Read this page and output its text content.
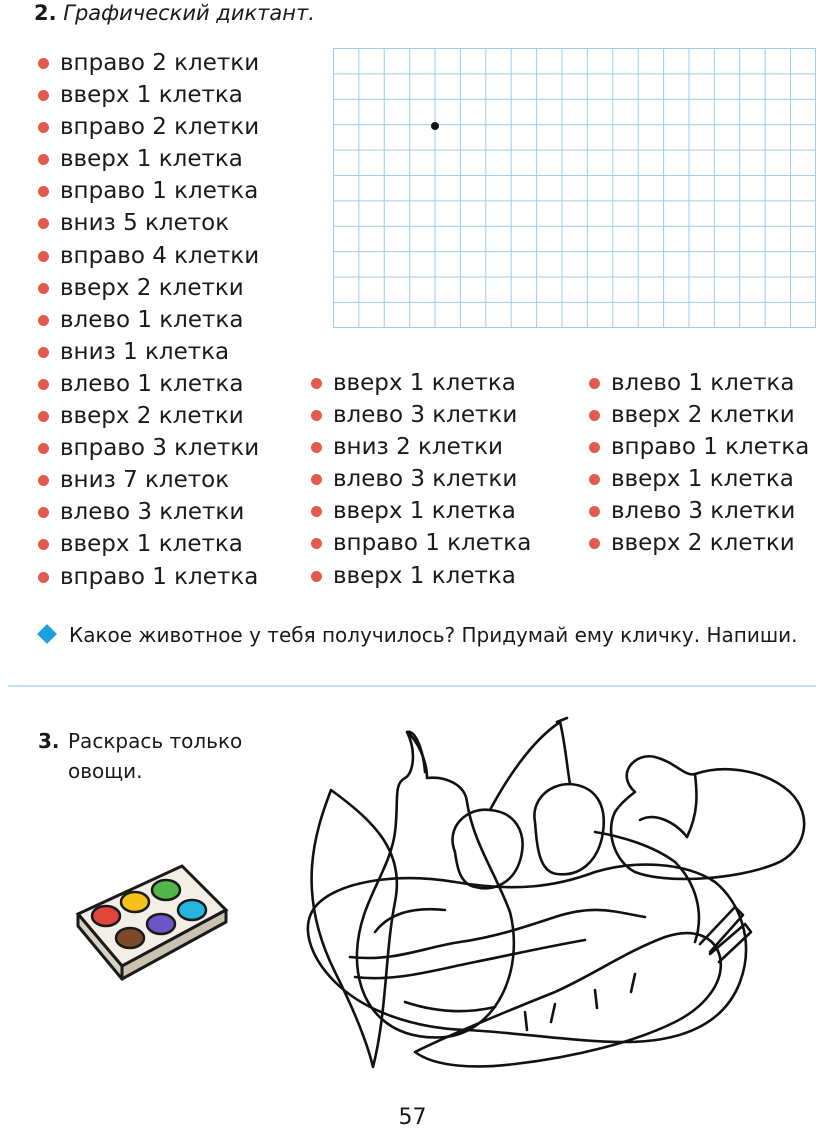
2. Графический диктант.
вправо 2 клетки
вверх 1 клетка
вправо 2 клетки
вверх 1 клетка
вправо 1 клетка
вниз 5 клеток
вправо 4 клетки
вверх 2 клетки
влево 1 клетка
вниз 1 клетка
влево 1 клетка
вверх 2 клетки
вправо 3 клетки
вниз 7 клеток
влево 3 клетки
вверх 1 клетка
вправо 1 клетка
вверх 1 клетка
влево 3 клетки
вниз 2 клетки
влево 3 клетки
вверх 1 клетка
вправо 1 клетка
вверх 1 клетка
влево 1 клетка
вверх 2 клетки
вправо 1 клетка
вверх 1 клетка
влево 3 клетки
вверх 2 клетки
Какое животное у тебя получилось? Придумай ему кличку. Напиши.
3. Раскрась только
овощи.
57
